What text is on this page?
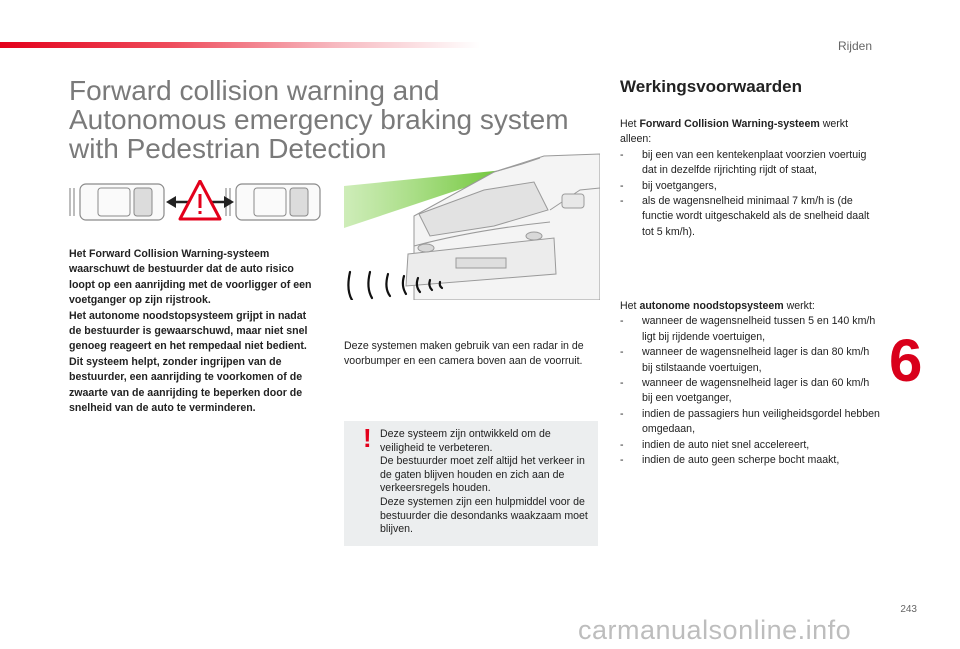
Rijden
Forward collision warning and
Autonomous emergency braking system
with Pedestrian Detection

Het Forward Collision Warning-systeem waarschuwt de bestuurder dat de auto risico loopt op een aanrijding met de voorligger of een voetganger op zijn rijstrook.

Het autonome noodstopsysteem grijpt in nadat de bestuurder is gewaarschuwd, maar niet snel genoeg reageert en het rempedaal niet bedient.

Dit systeem helpt, zonder ingrijpen van de bestuurder, een aanrijding te voorkomen of de zwaarte van de aanrijding te beperken door de snelheid van de auto te verminderen.

Deze systemen maken gebruik van een radar in de voorbumper en een camera boven aan de voorruit.
! Deze systeem zijn ontwikkeld om de veiligheid te verbeteren.
De bestuurder moet zelf altijd het verkeer in de gaten blijven houden en zich aan de verkeersregels houden.
Deze systemen zijn een hulpmiddel voor de bestuurder die desondanks waakzaam moet blijven.
Werkingsvoorwaarden
Het Forward Collision Warning-systeem werkt alleen:
- bij een van een kentekenplaat voorzien voertuig dat in dezelfde rijrichting rijdt of staat,
- bij voetgangers,
- als de wagensnelheid minimaal 7 km/h is (de functie wordt uitgeschakeld als de snelheid daalt tot 5 km/h).
Het autonome noodstopsysteem werkt:
- wanneer de wagensnelheid tussen 5 en 140 km/h ligt bij rijdende voertuigen,
- wanneer de wagensnelheid lager is dan 80 km/h bij stilstaande voertuigen,
- wanneer de wagensnelheid lager is dan 60 km/h bij een voetganger,
- indien de passagiers hun veiligheidsgordel hebben omgedaan,
- indien de auto niet snel accelereert,
- indien de auto geen scherpe bocht maakt,
6
243
carmanualsonline.info
